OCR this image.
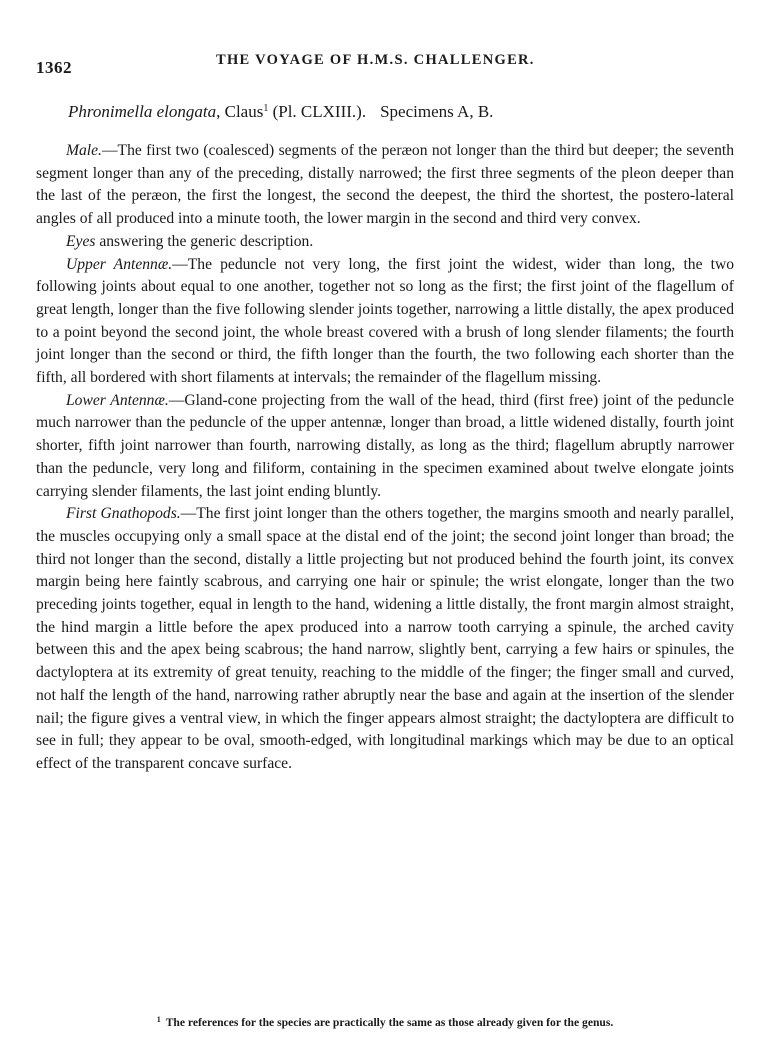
1362	THE VOYAGE OF H.M.S. CHALLENGER.
Phronimella elongata, Claus$^1$ (Pl. CLXIII.). Specimens A, B.

Male.—The first two (coalesced) segments of the peræon not longer than the third but deeper; the seventh segment longer than any of the preceding, distally narrowed; the first three segments of the pleon deeper than the last of the peræon, the first the longest, the second the deepest, the third the shortest, the postero-lateral angles of all produced into a minute tooth, the lower margin in the second and third very convex.

Eyes answering the generic description.

Upper Antennæ.—The peduncle not very long, the first joint the widest, wider than long, the two following joints about equal to one another, together not so long as the first; the first joint of the flagellum of great length, longer than the five following slender joints together, narrowing a little distally, the apex produced to a point beyond the second joint, the whole breast covered with a brush of long slender filaments; the fourth joint longer than the second or third, the fifth longer than the fourth, the two following each shorter than the fifth, all bordered with short filaments at intervals; the remainder of the flagellum missing.

Lower Antennæ.—Gland-cone projecting from the wall of the head, third (first free) joint of the peduncle much narrower than the peduncle of the upper antennæ, longer than broad, a little widened distally, fourth joint shorter, fifth joint narrower than fourth, narrowing distally, as long as the third; flagellum abruptly narrower than the peduncle, very long and filiform, containing in the specimen examined about twelve elongate joints carrying slender filaments, the last joint ending bluntly.

First Gnathopods.—The first joint longer than the others together, the margins smooth and nearly parallel, the muscles occupying only a small space at the distal end of the joint; the second joint longer than broad; the third not longer than the second, distally a little projecting but not produced behind the fourth joint, its convex margin being here faintly scabrous, and carrying one hair or spinule; the wrist elongate, longer than the two preceding joints together, equal in length to the hand, widening a little distally, the front margin almost straight, the hind margin a little before the apex produced into a narrow tooth carrying a spinule, the arched cavity between this and the apex being scabrous; the hand narrow, slightly bent, carrying a few hairs or spinules, the dactyloptera at its extremity of great tenuity, reaching to the middle of the finger; the finger small and curved, not half the length of the hand, narrowing rather abruptly near the base and again at the insertion of the slender nail; the figure gives a ventral view, in which the finger appears almost straight; the dactyloptera are difficult to see in full; they appear to be oval, smooth-edged, with longitudinal markings which may be due to an optical effect of the transparent concave surface.

$^1$ The references for the species are practically the same as those already given for the genus.
